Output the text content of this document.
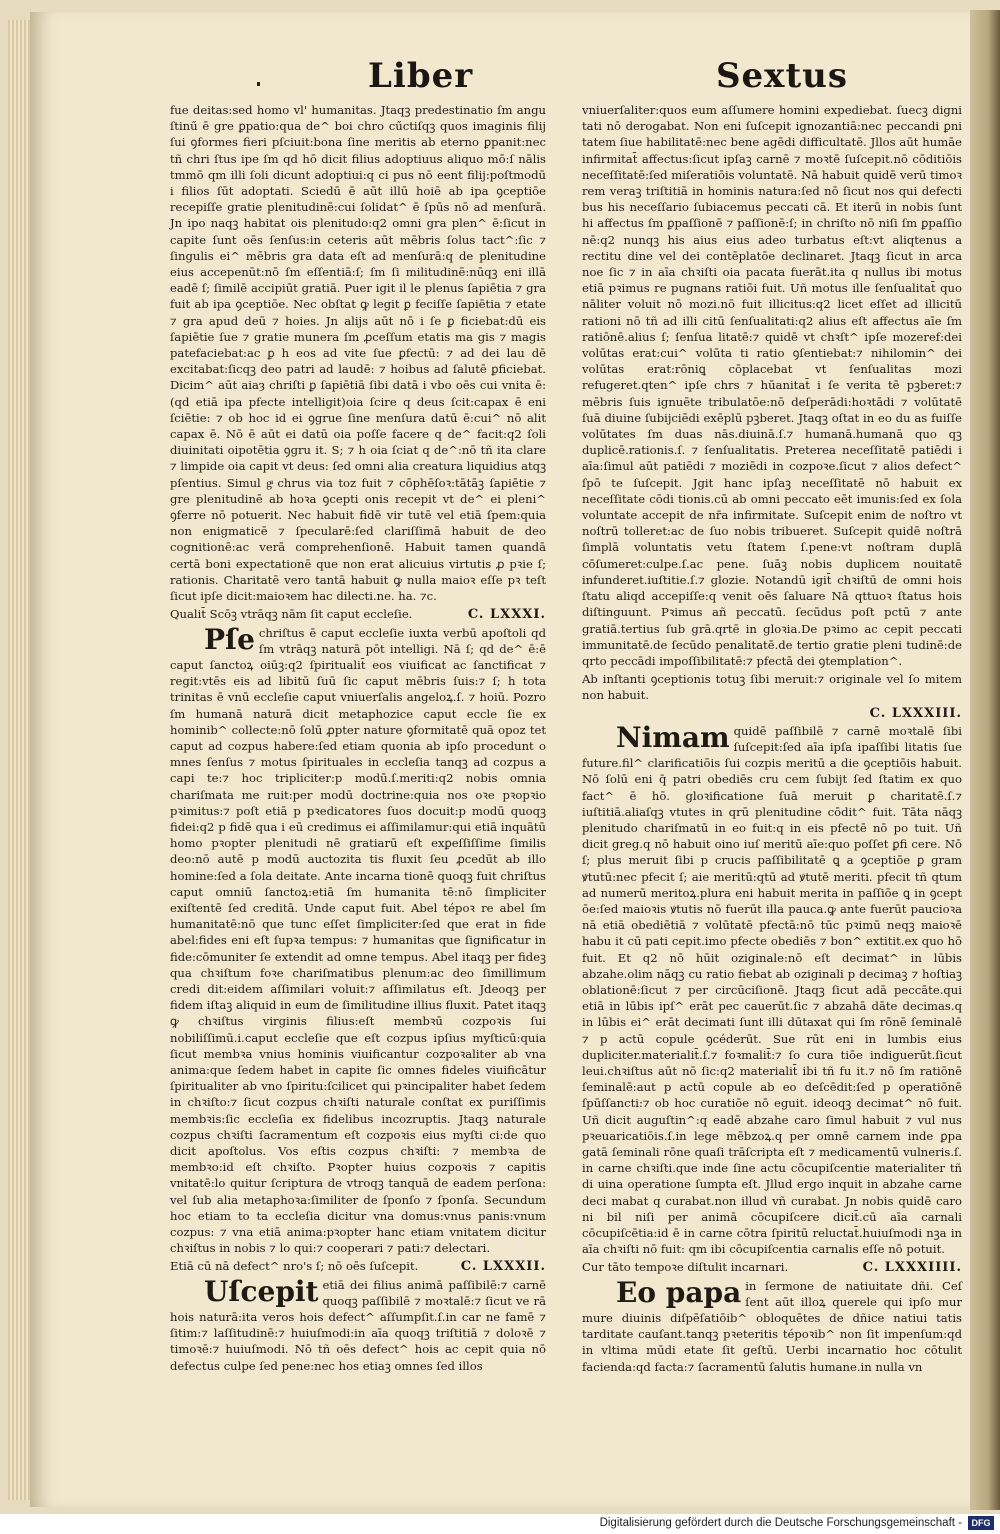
Liber	Sextus

fue deitas:sed homo vl' humanitas. Jtaqꝫ predestinatio ſm angu ſtinű ē gre ꝑpatio:qua de^ boi chro cűctiſqꝫ quos imaginis filij ſui ꝯformes fieri pſciuit:bona ſine meritis ab eterno ꝑpanit:nec tñ chri ſtus ipe ſm qd hō dicit filius adoptiuus aliquo mō:ſ nālis tmmō qm illi ſoli dicunt adoptiui:q ci pus nō eent filij:poſtmodū i filios ſūt adoptati. Sciedū ē aūt illū hoiē ab ipa ꝯceptiōe recepiſſe gratie plenitudinē:cui ſolidat^ ē ſpūs nō ad menſurā. Jn ipo naqꝫ habitat ois plenitudo:q2 omni gra plen^ ē:ſicut in capite ſunt oēs ſenſus:in ceteris aūt mēbris ſolus tact^:ſic ⁊ ſingulis ei^ mēbris gra data eſt ad menſurā:q de plenitudine eius accepenūt:nō ſm eſſentiā:ſ; ſm ſi militudinē:nūqꝫ eni illā eadē ſ; ſimilē accipiūt gratiā. Puer igit il le plenus ſapiētia ⁊ gra fuit ab ipa ꝯceptiōe. Nec obſtat ꝙ legit ꝑ feciſſe ſapiētia ⁊ etate ⁊ gra apud deū ⁊ hoies. Jn alijs aūt nō i ſe ꝑ ficiebat:dū eis ſapiētie ſue ⁊ gratie munera ſm ꝓceſſum etatis ma gis ⁊ magis patefaciebat:ac ꝑ h eos ad vite ſue ꝑfectū: ⁊ ad dei lau dē excitabat:ſicqꝫ deo patri ad laudē: ⁊ hoibus ad ſalutē ꝑficiebat. Dicim^ aūt aiaȝ chriſti ꝑ ſapiētiā ſibi datā i vbo oēs cui vnita ē:(qd etiā ipa pfecte intelligit)oia ſcire q deus ſcit:capax ē eni ſciētie: ⁊ ob hoc id ei ꝯgrue ſine menſura datū ē:cui^ nō alit capax ē. Nō ē aūt ei datū oia poſſe facere q de^ facit:q2 ſoli diuinitati oipotētia ꝯgru it. S; ⁊ h oia ſciat q de^:nō tñ ita clare ⁊ limpide oia capit vt deus: ſed omni alia creatura liquidius atqꝫ pſentius. Simul gͣ chrus via toz fuit ⁊ cōphēſoꝛ:tātāꝫ ſapiētie ⁊ gre plenitudinē ab hoꝛa ꝯcepti onis recepit vt de^ ei pleni^ ꝯferre nō potuerit. Nec habuit fidē vir tutē vel etiā ſpem:quia non enigmaticē ⁊ ſpecularē:ſed clariſſimā habuit de deo cognitionē:ac verā comprehenſionē. Habuit tamen quandā certā boni expectationē que non erat alicuius virtutis ꝓ pꝛie ſ; rationis. Charitatē vero tantā habuit ꝙ nulla maioꝛ eſſe pꝛ teſt ſicut ipſe dicit:maioꝛem hac dilecti.ne. ha. ⁊c.

Qualit̄ Scōꝫ vtrāqꝫ nām ſit caput eccleſie.	C. LXXXI.

Pſe chriſtus ē caput eccleſie iuxta verbū apoſtoli qd ſm vtrāqꝫ naturā pōt intelligi. Nā ſ; qd de^ ē:ē caput ſanctoꝝ oiūꝫ:q2 ſpiritualit̄ eos viuificat ac ſanctificat ⁊ regit:vtēs eis ad libitū ſuū ſic caput mēbris ſuis:⁊ ſ; h tota trinitas ē vnū eccleſie caput vniuerſalis angeloꝝ.ſ. ⁊ hoiū. Pozro ſm humanā naturā dicit metaphozice caput eccle ſie ex hominib^ collecte:nō ſolū ꝓpter nature ꝯformitatē quā opoz tet caput ad cozpus habere:ſed etiam quonia ab ipſo procedunt o mnes ſenſus ⁊ motus ſpirituales in eccleſia tanqꝫ ad cozpus a capi te:⁊ hoc tripliciter:p modū.ſ.meriti:q2 nobis omnia chariſmata me ruit:per modū doctrine:quia nos oꝛe pꝛopꝛio pꝛimitus:⁊ poſt etiā p pꝛedicatores ſuos docuit:p modū quoqꝫ fidei:q2 p fidē qua i eū credimus ei aſſimilamur:qui etiā inquātū homo pꝛopter plenitudi nē gratiarū eſt exꝑeſſiſſime ſimilis deo:nō autē p modū auctozita tis fluxit ſeu ꝓcedūt ab illo homine:ſed a ſola deitate. Ante incarna tionē quoqꝫ fuit chriſtus caput omniū ſanctoꝝ:etiā ſm humanita tē:nō ſimpliciter exiſtentē ſed creditā. Unde caput fuit. Abel tépoꝛ re abel ſm humanitatē:nō que tunc eſſet ſimpliciter:ſed que erat in fide abel:fides eni eſt ſupꝛa tempus: ⁊ humanitas que ſignificatur in fide:cōmuniter ſe extendit ad omne tempus. Abel itaqꝫ per fideꝫ qua chꝛiſtum foꝛe chariſmatibus plenum:ac deo ſimillimum credi dit:eidem aſſimilari voluit:⁊ aſſimilatus eſt. Jdeoqꝫ per fidem iſtaꝫ aliquid in eum de ſimilitudine illius fluxit. Patet itaqꝫ ꝙ chꝛiſtus virginis filius:eſt membꝛū cozpoꝛis ſui nobiliſſimū.i.caput eccleſie que eſt cozpus ipſius myſticū:quia ſicut membꝛa vnius hominis viuificantur cozpoꝛaliter ab vna anima:que ſedem habet in capite ſic omnes fideles viuificātur ſpiritualiter ab vno ſpiritu:ſcilicet qui pꝛincipaliter habet ſedem in chꝛiſto:⁊ ſicut cozpus chꝛiſti naturale conſtat ex puriſſimis membꝛis:ſic eccleſia ex fidelibus incozruptis. Jtaqꝫ naturale cozpus chꝛiſti ſacramentum eſt cozpoꝛis eius myſti ci:de quo dicit apoſtolus. Vos eſtis cozpus chꝛiſti: ⁊ membꝛa de membꝛo:id eſt chꝛiſto. Pꝛopter huius cozpoꝛis ⁊ capitis vnitatē:lo quitur ſcriptura de vtroqꝫ tanquā de eadem perſona: vel ſub alia metaphoꝛa:ſimiliter de ſponſo ⁊ ſponſa. Secundum hoc etiam to ta eccleſia dicitur vna domus:vnus panis:vnum cozpus: ⁊ vna etiā anima:pꝛopter hanc etiam vnitatem dicitur chꝛiſtus in nobis ⁊ lo qui:⁊ cooperari ⁊ pati:⁊ delectari.

Etiā cū nā defect^ nro's ſ; nō oēs ſuſcepit.	C. LXXXII.

Uſcepit etiā dei filius animā paſſibilē:⁊ carnē quoqꝫ paſſibilē ⁊ moꝛtalē:⁊ ſicut ve rā hois naturā:ita veros hois defect^ aſſumpſit.ſ.in car ne famē ⁊ ſitim:⁊ laſſitudinē:⁊ huiuſmodi:in aīa quoqꝫ triſtitiā ⁊ doloꝛē ⁊ timoꝛē:⁊ huiuſmodi. Nō tñ oēs defect^ hois ac cepit quia nō defectus culpe ſed pene:nec hos etiaꝫ omnes ſed illos

vniuerſaliter:quos eum aſſumere homini expediebat. ſuecꝫ digni tati nō derogabat. Non eni ſuſcepit ignozantiā:nec peccandi ꝑni tatem ſiue habilitatē:nec bene agēdi difficultatē. Jllos aūt humāe infirmitat̄ affectus:ſicut ipſaꝫ carnē ⁊ moꝛtē ſuſcepit.nō cōditiōis neceſſitatē:ſed miſeratiōis voluntatē. Nā habuit quidē verū timoꝛ rem veraꝫ triſtitiā in hominis natura:ſed nō ſicut nos qui defecti bus his neceſſario ſubiacemus peccati cā. Et iterū in nobis ſunt hi affectus ſm ꝑpaſſionē ⁊ paſſionē:ſ; in chriſto nō niſi ſm ꝑpaſſio nē:q2 nunqꝫ his aius eius adeo turbatus eſt:vt aliqtenus a rectitu dine vel dei contēplatōe declinaret. Jtaqꝫ ſicut in arca noe ſic ⁊ in aīa chꝛiſti oia pacata fuerāt.ita q nullus ibi motus etiā pꝛimus re pugnans ratiōi fuit. Uñ motus ille ſenſualitat̄ quo nāliter voluit nō mozi.nō fuit illicitus:q2 licet eſſet ad illicitū rationi nō tñ ad illi citū ſenſualitati:q2 alius eſt affectus aīe ſm ratiōnē.alius ſ; ſenſua litatē:⁊ quidē vt chꝛſt^ ipſe mozeref:dei volūtas erat:cui^ volūta ti ratio ꝯſentiebat:⁊ nihilomin^ dei volūtas erat:rōniꝗ cōplacebat vt ſenſualitas mozi refugeret.qten^ ipſe chrs ⁊ hūanitat̄ i ſe verita tē pꝫberet:⁊ mēbris ſuis ignuēte tribulatōe:nō deſperādi:hoꝛtādi ⁊ volūtatē ſuā diuine ſubijciēdi exēplū pꝫberet. Jtaqꝫ oſtat in eo du as fuiſſe volūtates ſm duas nās.diuinā.ſ.⁊ humanā.humanā quo qꝫ duplicē.rationis.ſ. ⁊ ſenſualitatis. Preterea neceſſitatē patiēdi i aīa:ſimul aūt patiēdi ⁊ moziēdi in cozpoꝛe.ſicut ⁊ alios defect^ ſpō te ſuſcepit. Jgit hanc ipſaꝫ neceſſitatē nō habuit ex neceſſitate cōdi tionis.cū ab omni peccato eēt imunis:ſed ex ſola voluntate accepit de nr̄a infirmitate. Suſcepit enim de noſtro vt noſtrū tolleret:ac de ſuo nobis tribueret. Suſcepit quidē noſtrā ſimplā voluntatis vetu ſtatem ſ.pene:vt noſtram duplā cōſumeret:culpe.ſ.ac pene. ſuāꝫ nobis duplicem nouitatē infunderet.iuſtitie.ſ.⁊ glozie. Notandū igit̄ chꝛiſtū de omni hois ſtatu aliqd accepiſſe:q venit oēs ſaluare Nā qttuoꝛ ſtatus hois diſtinguunt. Pꝛimus añ peccatū. ſecūdus poſt pctū ⁊ ante gratiā.tertius ſub grā.qrtē in gloꝛia.De pꝛimo ac cepit peccati immunitatē.de ſecūdo penalitatē.de tertio gratie pleni tudinē:de qrto peccādi impoſſibilitatē:⁊ pfectā dei ꝯtemplation^.

Ab inſtanti ꝯceptionis totuꝫ ſibi meruit:⁊ originale vel ſo mitem non habuit.
C. LXXXIII.

Nimam quidē paſſibilē ⁊ carnē moꝛtalē ſibi ſuſcepit:ſed aīa ipſa ipaſſibi litatis ſue future.fil^ clarificatiōis ſui cozpis meritū a die ꝯceptiōis habuit. Nō ſolū eni q̄ patri obediēs cru cem ſubijt ſed ſtatim ex quo fact^ ē hō. gloꝛificatione ſuā meruit ꝑ charitatē.ſ.⁊ iuſtitiā.aliaſqꝫ vtutes in qrū plenitudine cōdit^ fuit. Tāta nāqꝫ plenitudo chariſmatū in eo fuit:q in eis pfectē nō po tuit. Uñ dicit greg.q nō habuit oino iuſ meritū aīe:quo poſſet ꝑfi cere. Nō ſ; plus meruit ſibi p crucis paſſibilitatē ꝗ a ꝯceptiōe ꝑ gram ꝟtutū:nec pfecit ſ; aie meritū:qtū ad ꝟtutē meriti. pfecit tñ qtum ad numerū meritoꝝ.plura eni habuit merita in paſſiōe ꝗ in ꝯcept ōe:ſed maioꝛis ꝟtutis nō fuerūt illa pauca.ꝙ ante fuerūt paucioꝛa nā etiā obediētiā ⁊ volūtatē pfectā:nō tūc pꝛimū neqꝫ maioꝛē habu it cū pati cepit.imo pfecte obediēs ⁊ bon^ extitit.ex quo hō fuit. Et q2 nō hūit oziginale:nō eſt decimat^ in lūbis abzahe.olim nāqꝫ cu ratio fiebat ab oziginali p decimaꝫ ⁊ hoſtiaꝫ oblationē:ſicut ⁊ per circūciſionē. Jtaqꝫ ſicut adā peccāte.qui etiā in lūbis ipſ^ erāt pec cauerūt.ſic ⁊ abzahā dāte decimas.q in lūbis ei^ erāt decimati ſunt illi dūtaxat qui ſm rōnē ſeminalē ⁊ p actū copule ꝯcéderūt. Sue rūt eni in lumbis eius dupliciter.materialit̄.ſ.⁊ foꝛmalit̄:⁊ ſo cura tiōe indiguerūt.ſicut leui.chꝛiſtus aūt nō ſic:q2 materialit̄ ibi tñ fu it.⁊ nō ſm ratiōnē ſeminalē:aut p actū copule ab eo deſcēdit:ſed p operatiōnē ſpūſſancti:⁊ ob hoc curatiōe nō eguit. ideoqꝫ decimat^ nō fuit. Uñ dicit auguſtin^:q eadē abzahe caro ſimul habuit ⁊ vul nus pꝛeuaricatiōis.ſ.in lege mēbzoꝝ.q per omnē carnem inde ꝑpa gatā ſeminali rōne quaſi trāſcripta eſt ⁊ medicamentū vulneris.ſ. in carne chꝛiſti.que inde ſine actu cōcupiſcentie materialiter tñ di uina operatione ſumpta eſt. Jllud ergo inquit in abzahe carne deci mabat q curabat.non illud vñ curabat. Jn nobis quidē caro ni bil niſi per animā cōcupiſcere dicit̄.cū aīa carnali cōcupiſcētia:id ē in carne cōtra ſpiritū reluctat̄.huiuſmodi nꝫa in aīa chꝛiſti nō fuit: qm ibi cōcupiſcentia carnalis eſſe nō potuit.

Cur tāto tempoꝛe diſtulit incarnari.	C. LXXXIIII.

Eo papa in ſermone de natiuitate dñi. Ceſ ſent aūt illoꝝ querele qui ipſo mur mure diuinis diſpēſatiōib^ obloquētes de dñice natiui tatis tarditate cauſant.tanqꝫ pꝛeteritis tépoꝛib^ non ſit impenſum:qd in vltima mūdi etate ſit geſtū. Uerbi incarnatio hoc cōtulit facienda:qd facta:⁊ ſacramentū ſalutis humane.in nulla vn

Digitalisierung gefördert durch die Deutsche Forschungsgemeinschaft -	DFG
